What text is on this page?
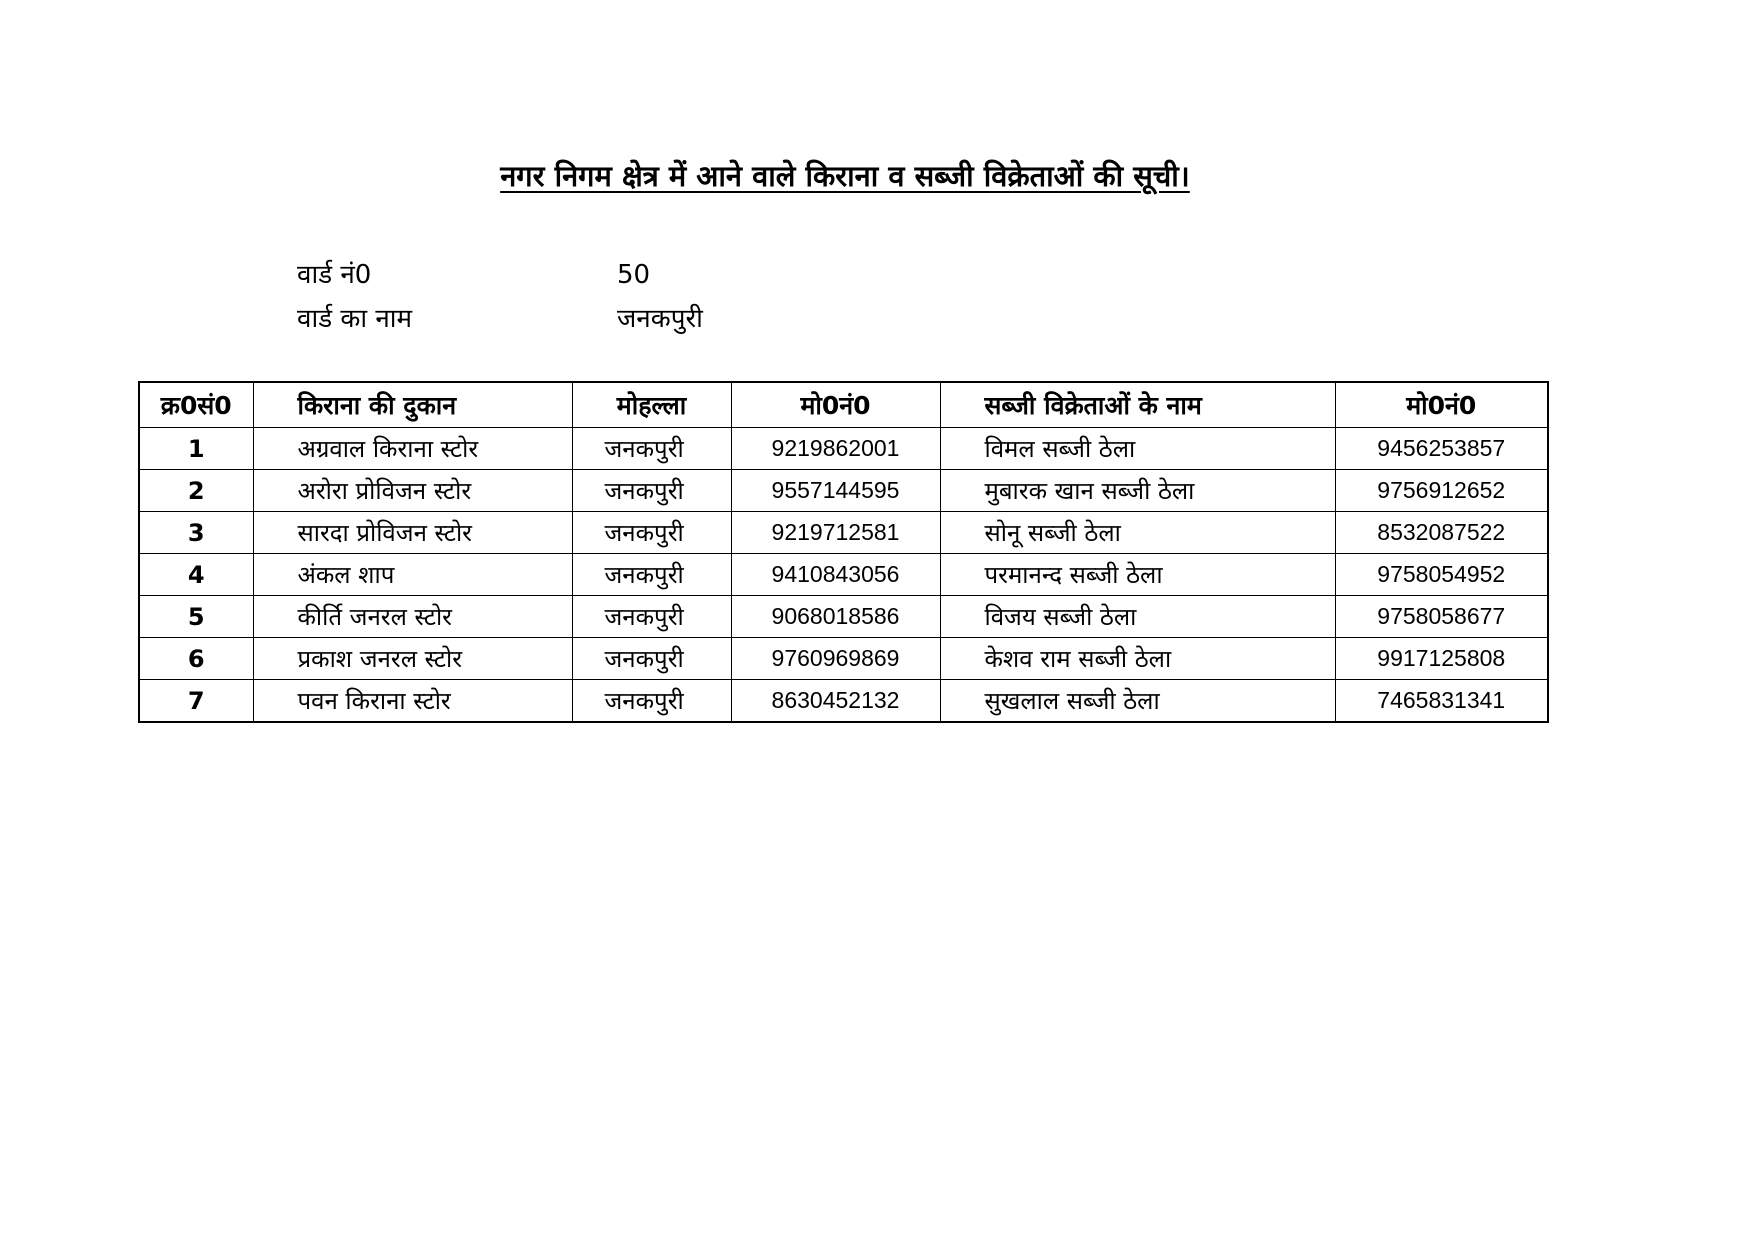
नगर निगम क्षेत्र में आने वाले किराना व सब्जी विक्रेताओं की सूची।
वार्ड नं0	50
वार्ड का नाम	जनकपुरी
क्र0सं0	किराना की दुकान	मोहल्ला	मो0नं0	सब्जी विक्रेताओं के नाम	मो0नं0
1	अग्रवाल किराना स्टोर	जनकपुरी	9219862001	विमल सब्जी ठेला	9456253857
2	अरोरा प्रोविजन स्टोर	जनकपुरी	9557144595	मुबारक खान सब्जी ठेला	9756912652
3	सारदा प्रोविजन स्टोर	जनकपुरी	9219712581	सोनू सब्जी ठेला	8532087522
4	अंकल शाप	जनकपुरी	9410843056	परमानन्द सब्जी ठेला	9758054952
5	कीर्ति जनरल स्टोर	जनकपुरी	9068018586	विजय सब्जी ठेला	9758058677
6	प्रकाश जनरल स्टोर	जनकपुरी	9760969869	केशव राम सब्जी ठेला	9917125808
7	पवन किराना स्टोर	जनकपुरी	8630452132	सुखलाल सब्जी ठेला	7465831341
